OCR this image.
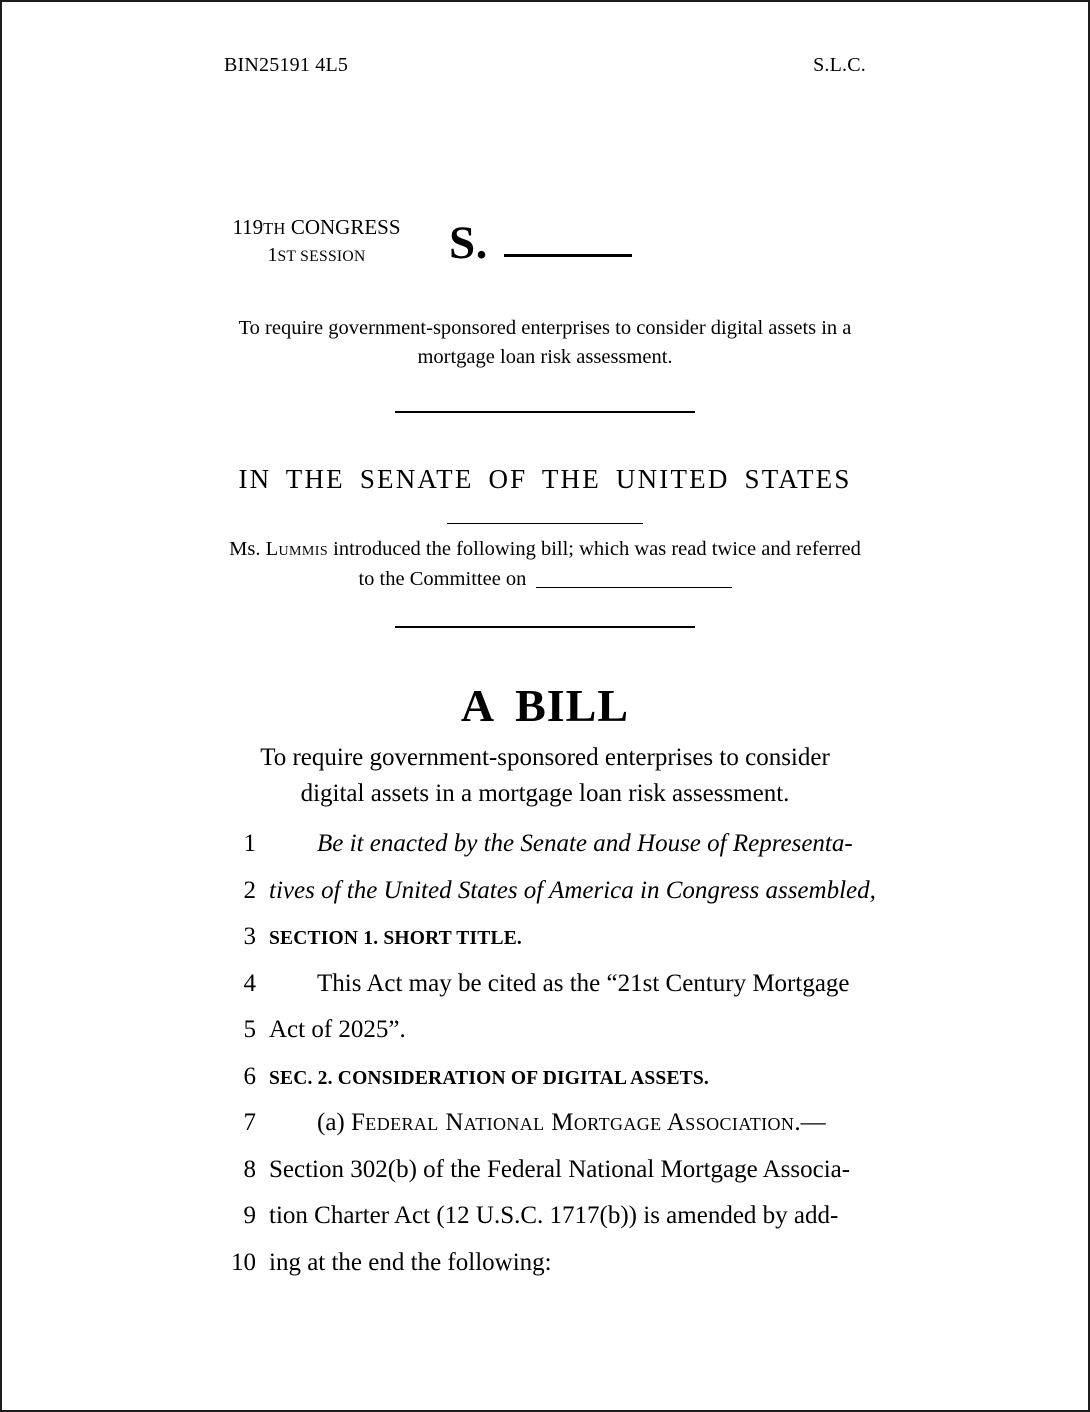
BIN25191 4L5	S.L.C.
119TH CONGRESS
1ST SESSION	S.
To require government-sponsored enterprises to consider digital assets in a mortgage loan risk assessment.
IN THE SENATE OF THE UNITED STATES
Ms. Lummis introduced the following bill; which was read twice and referred to the Committee on
A BILL
To require government-sponsored enterprises to consider digital assets in a mortgage loan risk assessment.
1	Be it enacted by the Senate and House of Representa-
2 tives of the United States of America in Congress assembled,
3 SECTION 1. SHORT TITLE.
4	This Act may be cited as the “21st Century Mortgage
5 Act of 2025”.
6 SEC. 2. CONSIDERATION OF DIGITAL ASSETS.
7	(a) Federal National Mortgage Association.—
8 Section 302(b) of the Federal National Mortgage Associa-
9 tion Charter Act (12 U.S.C. 1717(b)) is amended by add-
10 ing at the end the following:
